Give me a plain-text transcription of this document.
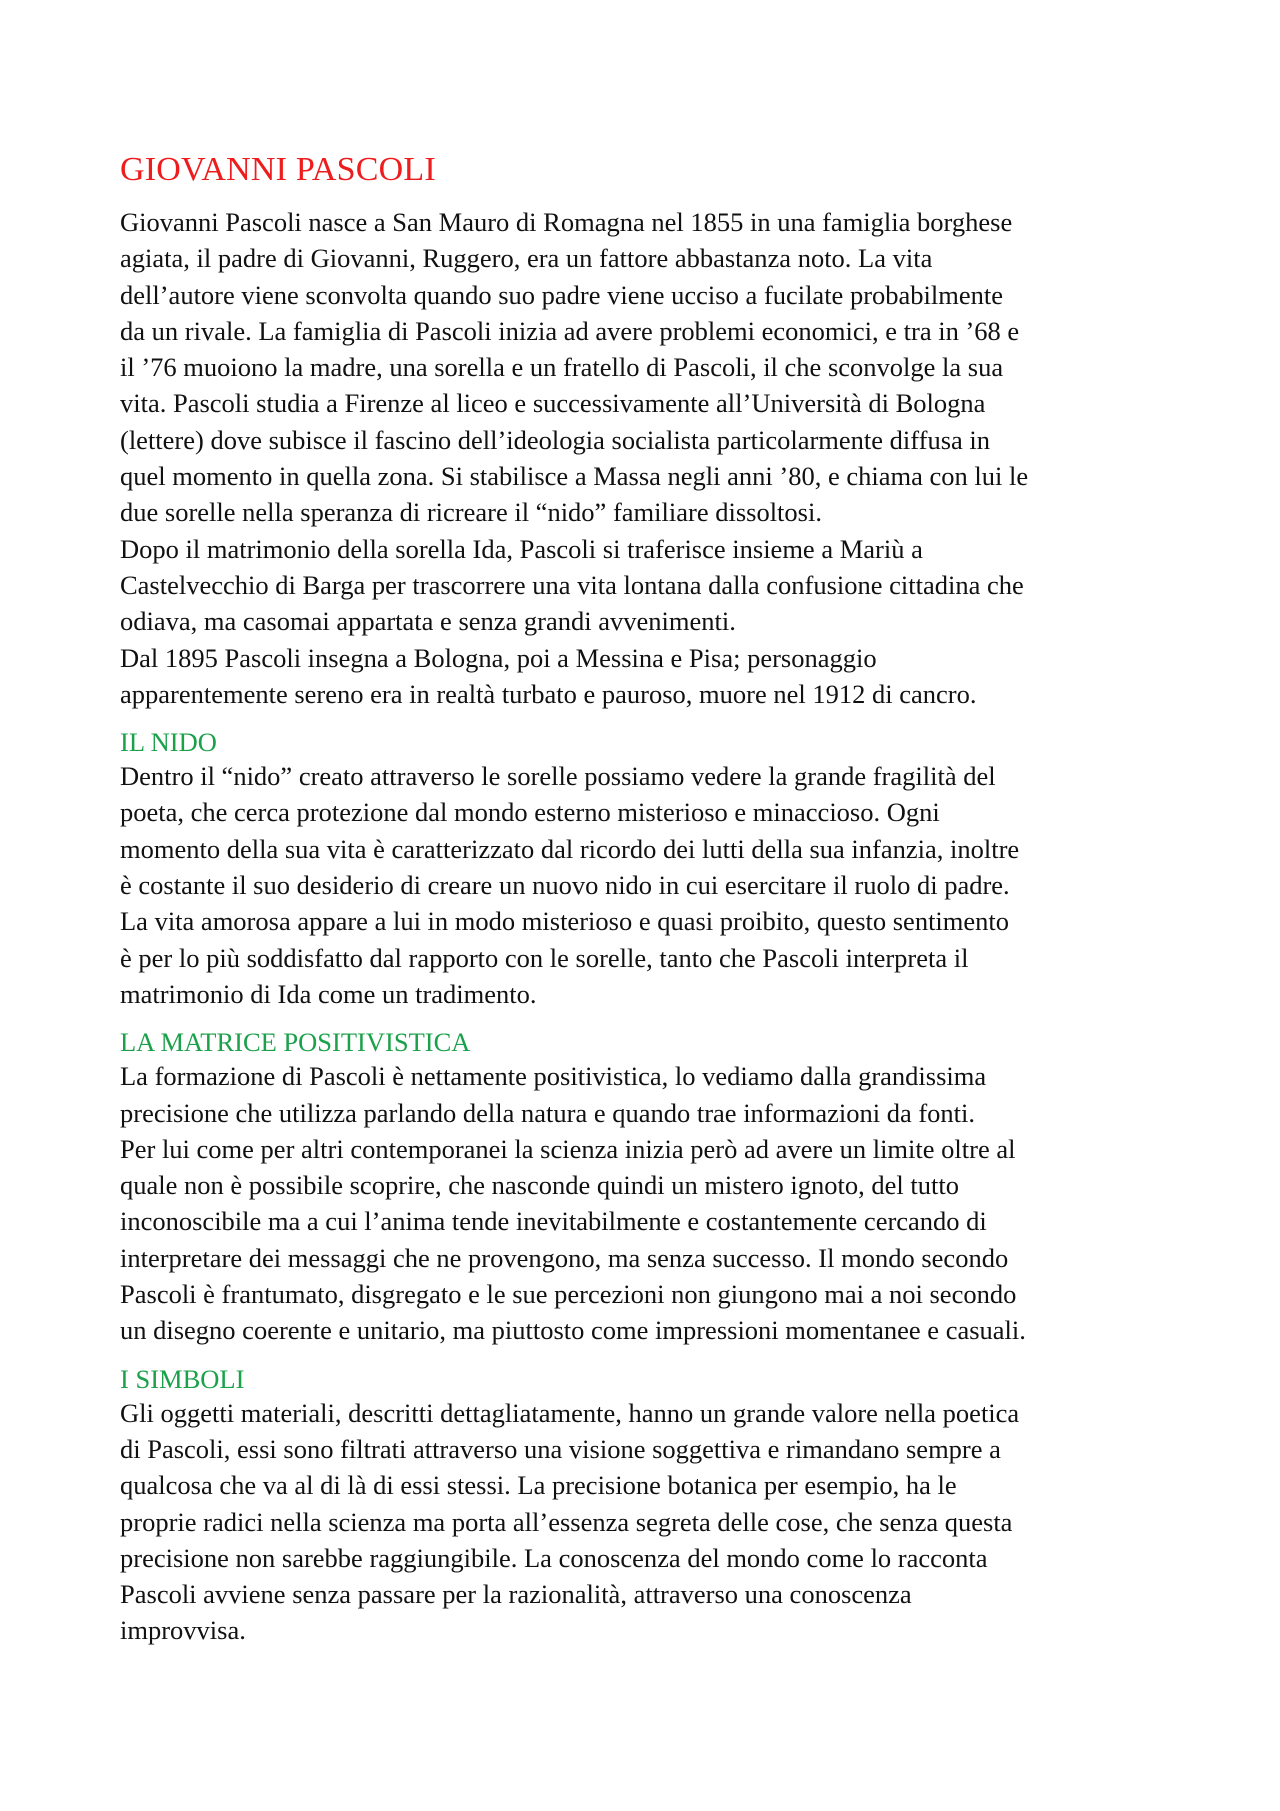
GIOVANNI PASCOLI

Giovanni Pascoli nasce a San Mauro di Romagna nel 1855 in una famiglia borghese
agiata, il padre di Giovanni, Ruggero, era un fattore abbastanza noto. La vita
dell’autore viene sconvolta quando suo padre viene ucciso a fucilate probabilmente
da un rivale. La famiglia di Pascoli inizia ad avere problemi economici, e tra in ’68 e
il ’76 muoiono la madre, una sorella e un fratello di Pascoli, il che sconvolge la sua
vita. Pascoli studia a Firenze al liceo e successivamente all’Università di Bologna
(lettere) dove subisce il fascino dell’ideologia socialista particolarmente diffusa in
quel momento in quella zona. Si stabilisce a Massa negli anni ’80, e chiama con lui le
due sorelle nella speranza di ricreare il “nido” familiare dissoltosi.

Dopo il matrimonio della sorella Ida, Pascoli si traferisce insieme a Mariù a
Castelvecchio di Barga per trascorrere una vita lontana dalla confusione cittadina che
odiava, ma casomai appartata e senza grandi avvenimenti.

Dal 1895 Pascoli insegna a Bologna, poi a Messina e Pisa; personaggio
apparentemente sereno era in realtà turbato e pauroso, muore nel 1912 di cancro.

IL NIDO

Dentro il “nido” creato attraverso le sorelle possiamo vedere la grande fragilità del
poeta, che cerca protezione dal mondo esterno misterioso e minaccioso. Ogni
momento della sua vita è caratterizzato dal ricordo dei lutti della sua infanzia, inoltre
è costante il suo desiderio di creare un nuovo nido in cui esercitare il ruolo di padre.
La vita amorosa appare a lui in modo misterioso e quasi proibito, questo sentimento
è per lo più soddisfatto dal rapporto con le sorelle, tanto che Pascoli interpreta il
matrimonio di Ida come un tradimento.

LA MATRICE POSITIVISTICA

La formazione di Pascoli è nettamente positivistica, lo vediamo dalla grandissima
precisione che utilizza parlando della natura e quando trae informazioni da fonti.

Per lui come per altri contemporanei la scienza inizia però ad avere un limite oltre al
quale non è possibile scoprire, che nasconde quindi un mistero ignoto, del tutto
inconoscibile ma a cui l’anima tende inevitabilmente e costantemente cercando di
interpretare dei messaggi che ne provengono, ma senza successo. Il mondo secondo
Pascoli è frantumato, disgregato e le sue percezioni non giungono mai a noi secondo
un disegno coerente e unitario, ma piuttosto come impressioni momentanee e casuali.

I SIMBOLI

Gli oggetti materiali, descritti dettagliatamente, hanno un grande valore nella poetica
di Pascoli, essi sono filtrati attraverso una visione soggettiva e rimandano sempre a
qualcosa che va al di là di essi stessi. La precisione botanica per esempio, ha le
proprie radici nella scienza ma porta all’essenza segreta delle cose, che senza questa
precisione non sarebbe raggiungibile. La conoscenza del mondo come lo racconta
Pascoli avviene senza passare per la razionalità, attraverso una conoscenza
improvvisa.
